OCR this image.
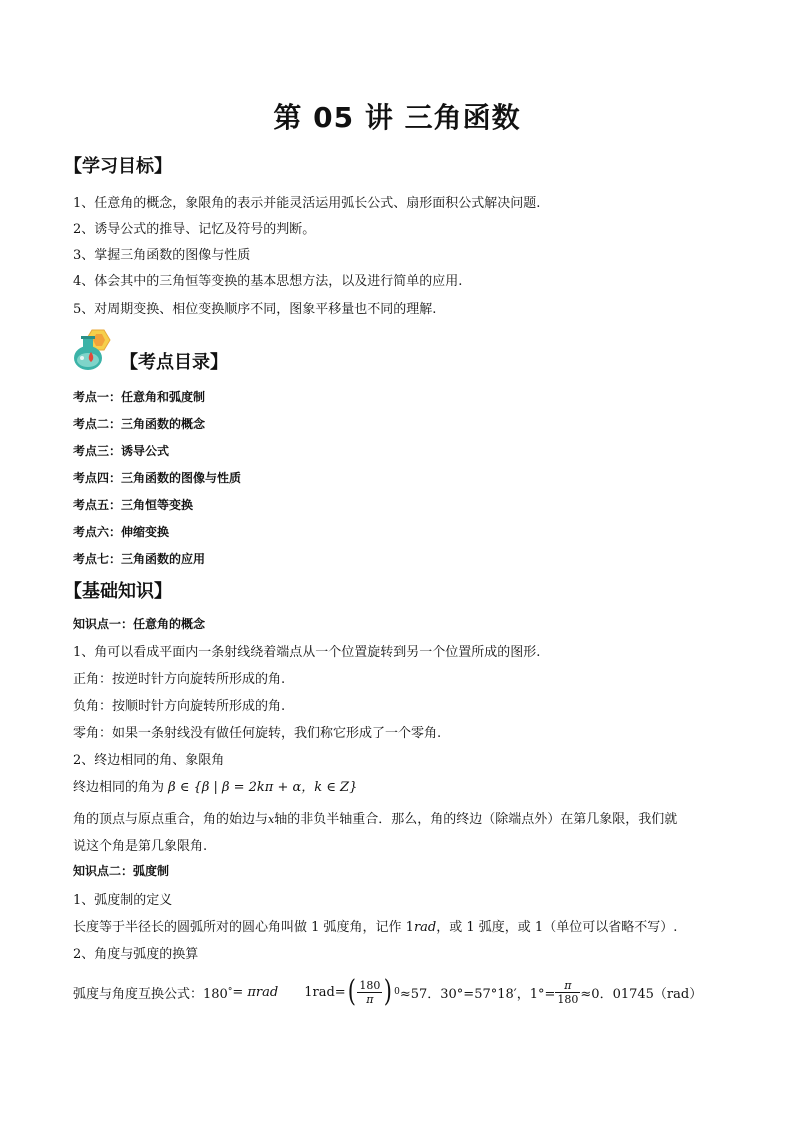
第 05 讲 三角函数
【学习目标】
1、任意角的概念，象限角的表示并能灵活运用弧长公式、扇形面积公式解决问题.
2、诱导公式的推导、记忆及符号的判断。
3、掌握三角函数的图像与性质
4、体会其中的三角恒等变换的基本思想方法，以及进行简单的应用.
5、对周期变换、相位变换顺序不同，图象平移量也不同的理解.
【考点目录】
考点一：任意角和弧度制
考点二：三角函数的概念
考点三：诱导公式
考点四：三角函数的图像与性质
考点五：三角恒等变换
考点六：伸缩变换
考点七：三角函数的应用
【基础知识】
知识点一：任意角的概念
1、角可以看成平面内一条射线绕着端点从一个位置旋转到另一个位置所成的图形.
正角：按逆时针方向旋转所形成的角.
负角：按顺时针方向旋转所形成的角.
零角：如果一条射线没有做任何旋转，我们称它形成了一个零角.
2、终边相同的角、象限角
终边相同的角为 β ∈ {β | β = 2kπ + α，k ∈ Z}
角的顶点与原点重合，角的始边与x轴的非负半轴重合．那么，角的终边（除端点外）在第几象限，我们就
说这个角是第几象限角.
知识点二：弧度制
1、弧度制的定义
长度等于半径长的圆弧所对的圆心角叫做 1 弧度角，记作 1rad，或 1 弧度，或 1（单位可以省略不写）.
2、角度与弧度的换算
弧度与角度互换公式：180 ° = π rad 1rad= ( $\frac{180}{\pi}$ ) 0 ≈57．30°=57°18′，$1^\circ= \frac{\pi}{180} \approx 0$．01745（rad）
